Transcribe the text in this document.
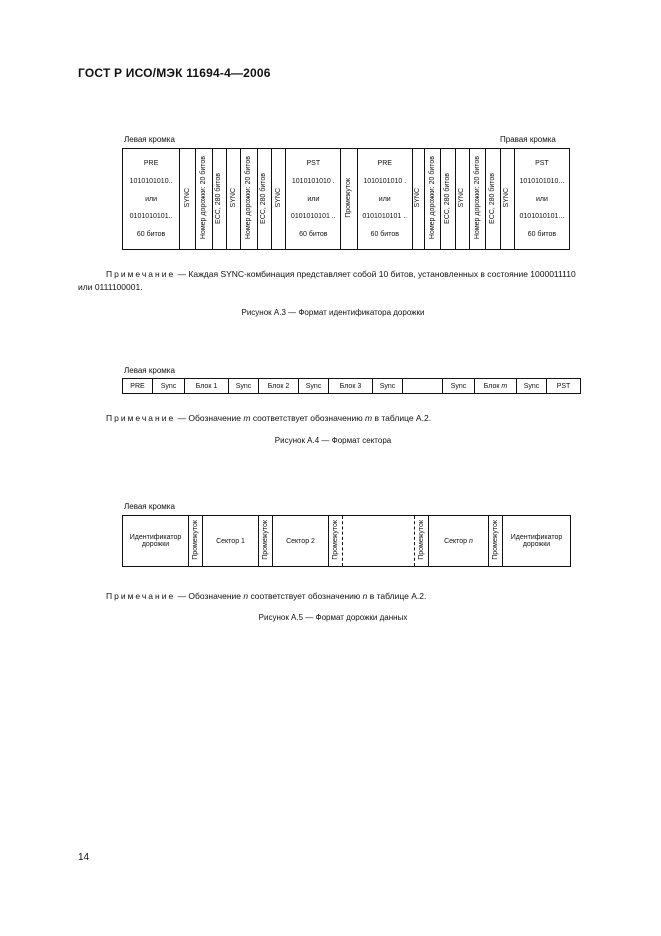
ГОСТ Р ИСО/МЭК 11694-4—2006
Левая кромка	Правая кромка
PRE
1010101010..
или
0101010101..
60 битов
	SYNC	Номер дорожки: 20 битов	ECC, 280 битов	SYNC	Номер дорожки: 20 битов	ECC, 280 битов	SYNC	
PST
1010101010 .
или
0101010101 ..
60 битов
	Промежуток	
PRE
1010101010 .
или
0101010101 ..
60 битов
	SYNC	Номер дорожки: 20 битов	ECC, 280 битов	SYNC	Номер дорожки: 20 битов	ECC, 280 битов	SYNC	
PST
1010101010...
или
0101010101...
60 битов
Примечание — Каждая SYNC-комбинация представляет собой 10 битов, установленных в состояние 1000011110 или 0111100001.
Рисунок А.3 — Формат идентификатора дорожки
Левая кромка
PRE	Sync	Блок 1	Sync	Блок 2	Sync	Блок 3	Sync		Sync	Блок m	Sync	PST
Примечание — Обозначение m соответствует обозначению m в таблице А.2.
Рисунок А.4 — Формат сектора
Левая кромка
Идентификатор дорожки	Промежуток	Сектор 1	Промежуток	Сектор 2	Промежуток		Промежуток	Сектор n	Промежуток	Идентификатор дорожки
Примечание — Обозначение n соответствует обозначению n в таблице А.2.
Рисунок А.5 — Формат дорожки данных
14
